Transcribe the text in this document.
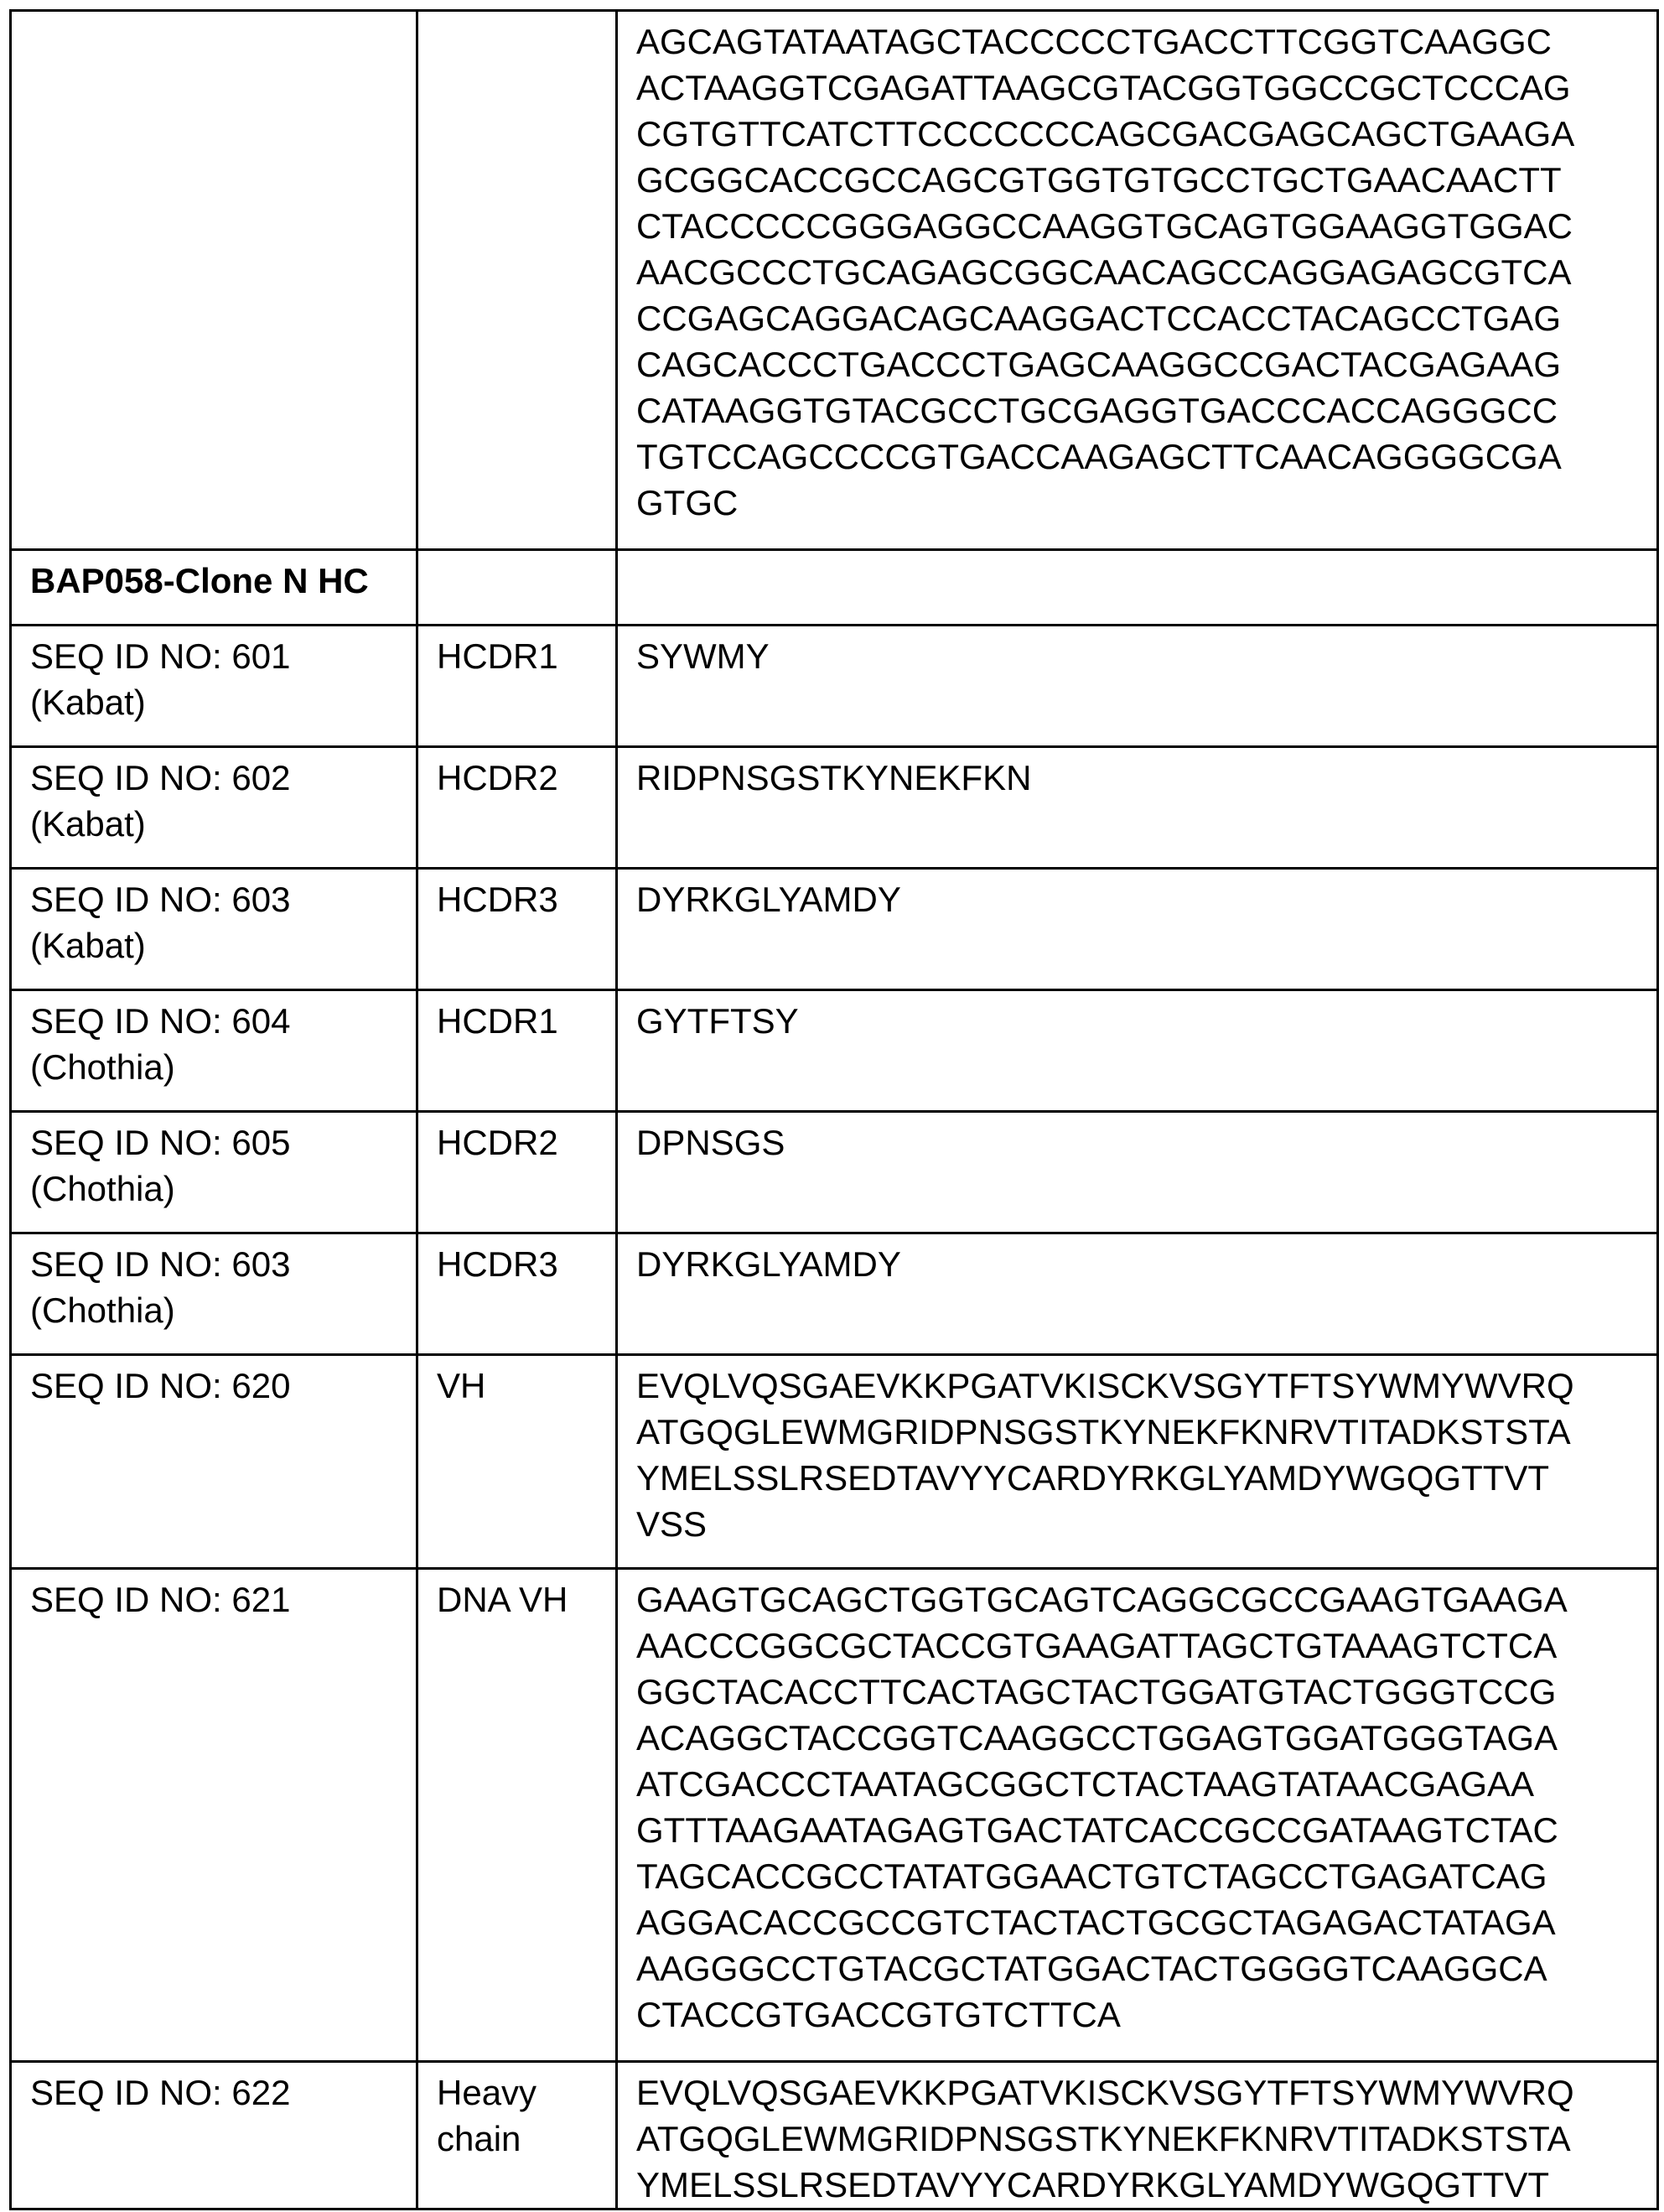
AGCAGTATAATAGCTACCCCCTGACCTTCGGTCAAGGC
ACTAAGGTCGAGATTAAGCGTACGGTGGCCGCTCCCAG
CGTGTTCATCTTCCCCCCCAGCGACGAGCAGCTGAAGA
GCGGCACCGCCAGCGTGGTGTGCCTGCTGAACAACTT
CTACCCCCGGGAGGCCAAGGTGCAGTGGAAGGTGGAC
AACGCCCTGCAGAGCGGCAACAGCCAGGAGAGCGTCA
CCGAGCAGGACAGCAAGGACTCCACCTACAGCCTGAG
CAGCACCCTGACCCTGAGCAAGGCCGACTACGAGAAG
CATAAGGTGTACGCCTGCGAGGTGACCCACCAGGGCC
TGTCCAGCCCCGTGACCAAGAGCTTCAACAGGGGCGA
GTGC

BAP058-Clone N HC		

SEQ ID NO: 601
(Kabat)	HCDR1	SYWMY

SEQ ID NO: 602
(Kabat)	HCDR2	RIDPNSGSTKYNEKFKN

SEQ ID NO: 603
(Kabat)	HCDR3	DYRKGLYAMDY

SEQ ID NO: 604
(Chothia)	HCDR1	GYTFTSY

SEQ ID NO: 605
(Chothia)	HCDR2	DPNSGS

SEQ ID NO: 603
(Chothia)	HCDR3	DYRKGLYAMDY

SEQ ID NO: 620	VH	EVQLVQSGAEVKKPGATVKISCKVSGYTFTSYWMYWVRQ
ATGQGLEWMGRIDPNSGSTKYNEKFKNRVTITADKSTSTA
YMELSSLRSEDTAVYYCARDYRKGLYAMDYWGQGTTVT
VSS

SEQ ID NO: 621	DNA VH	GAAGTGCAGCTGGTGCAGTCAGGCGCCGAAGTGAAGA
AACCCGGCGCTACCGTGAAGATTAGCTGTAAAGTCTCA
GGCTACACCTTCACTAGCTACTGGATGTACTGGGTCCG
ACAGGCTACCGGTCAAGGCCTGGAGTGGATGGGTAGA
ATCGACCCTAATAGCGGCTCTACTAAGTATAACGAGAA
GTTTAAGAATAGAGTGACTATCACCGCCGATAAGTCTAC
TAGCACCGCCTATATGGAACTGTCTAGCCTGAGATCAG
AGGACACCGCCGTCTACTACTGCGCTAGAGACTATAGA
AAGGGCCTGTACGCTATGGACTACTGGGGTCAAGGCA
CTACCGTGACCGTGTCTTCA

SEQ ID NO: 622	Heavy
chain	EVQLVQSGAEVKKPGATVKISCKVSGYTFTSYWMYWVRQ
ATGQGLEWMGRIDPNSGSTKYNEKFKNRVTITADKSTSTA
YMELSSLRSEDTAVYYCARDYRKGLYAMDYWGQGTTVT
